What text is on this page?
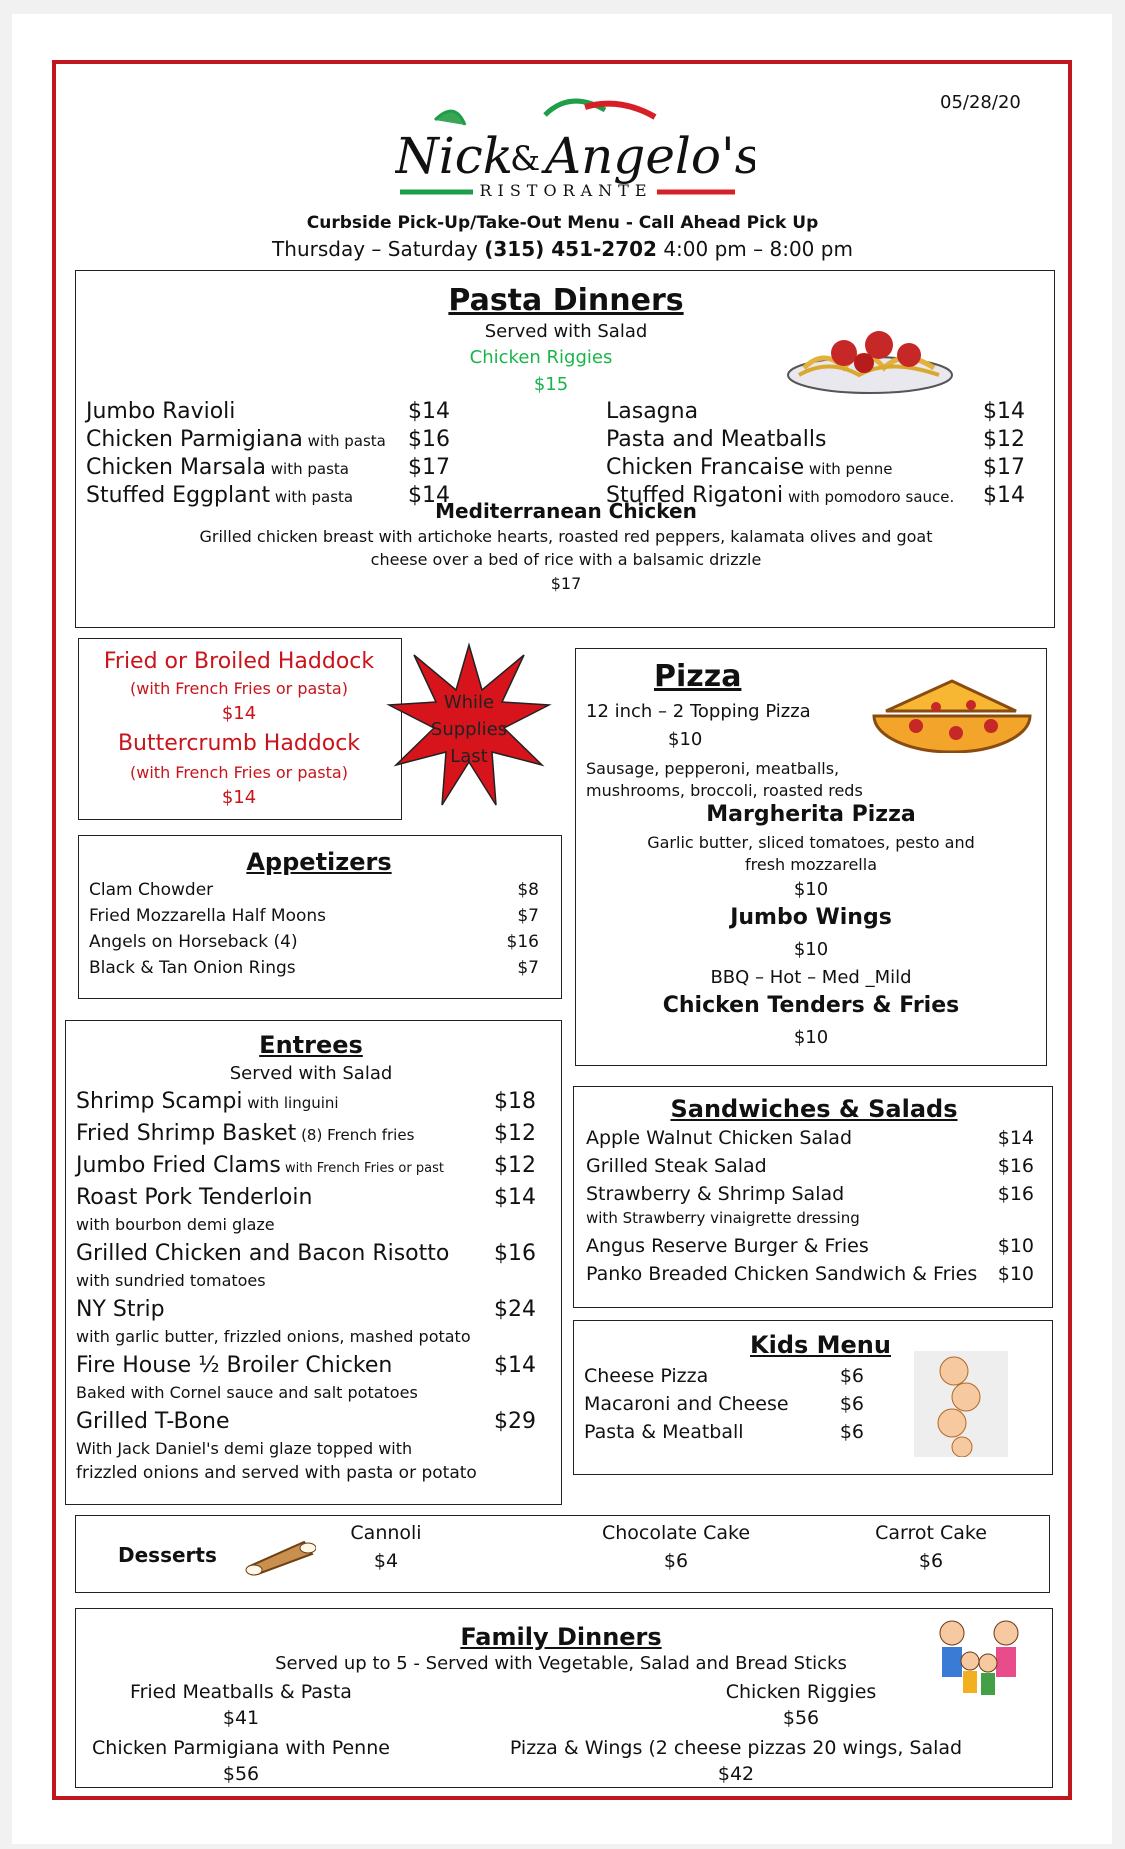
05/28/20
Nick
& Angelo's
RISTORANTE
Curbside Pick-Up/Take-Out Menu - Call Ahead Pick Up
Thursday – Saturday (315) 451-2702 4:00 pm – 8:00 pm
Pasta Dinners
Served with Salad
Chicken Riggies
$15
Jumbo Ravioli	$14
Chicken Parmigiana with pasta $16
Chicken Marsala with pasta	$17
Stuffed Eggplant with pasta $14
Lasagna	$14
Pasta and Meatballs	$12
Chicken Francaise with penne	$17
Stuffed Rigatoni with pomodoro sauce. $14
Mediterranean Chicken
Grilled chicken breast with artichoke hearts, roasted red peppers, kalamata olives and goat
cheese over a bed of rice with a balsamic drizzle
$17
Fried or Broiled Haddock
(with French Fries or pasta)
$14
Buttercrumb Haddock
(with French Fries or pasta)
$14
While
Supplies
Last
Appetizers
Clam Chowder	$8
Fried Mozzarella Half Moons	$7
Angels on Horseback (4)	$16
Black & Tan Onion Rings	$7
Pizza
12 inch – 2 Topping Pizza
$10
Sausage, pepperoni, meatballs,
mushrooms, broccoli, roasted reds
Margherita Pizza
Garlic butter, sliced tomatoes, pesto and
fresh mozzarella
$10
Jumbo Wings
$10
BBQ – Hot – Med _Mild
Chicken Tenders & Fries
$10
Entrees
Served with Salad
Shrimp Scampi with linguini	$18
Fried Shrimp Basket (8) French fries	$12
Jumbo Fried Clams with French Fries or past	$12
Roast Pork Tenderloin	$14
with bourbon demi glaze
Grilled Chicken and Bacon Risotto	$16
with sundried tomatoes
NY Strip	$24
with garlic butter, frizzled onions, mashed potato
Fire House ½ Broiler Chicken	$14
Baked with Cornel sauce and salt potatoes
Grilled T-Bone	$29
With Jack Daniel's demi glaze topped with
frizzled onions and served with pasta or potato
Sandwiches & Salads
Apple Walnut Chicken Salad	$14
Grilled Steak Salad	$16
Strawberry & Shrimp Salad	$16
Angus Reserve Burger & Fries	$10
Panko Breaded Chicken Sandwich & Fries	$10
with Strawberry vinaigrette dressing
Kids Menu
Cheese Pizza	$6
Macaroni and Cheese	$6
Pasta & Meatball	$6
Desserts
Cannoli
$4
Chocolate Cake
$6
Carrot Cake
$6
Family Dinners
Served up to 5 - Served with Vegetable, Salad and Bread Sticks
Fried Meatballs & Pasta
$41
Chicken Riggies
$56
Chicken Parmigiana with Penne
$56
Pizza & Wings (2 cheese pizzas 20 wings, Salad
$42
